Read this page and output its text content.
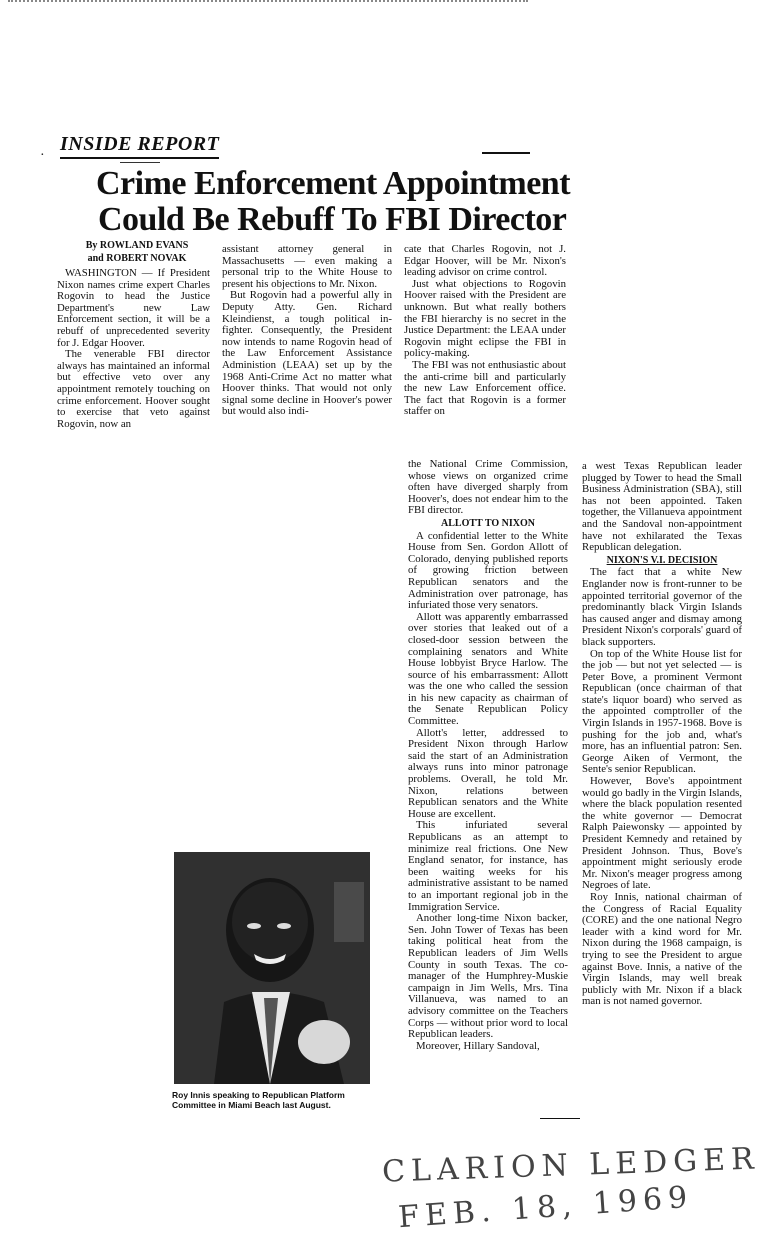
·
INSIDE REPORT
Crime Enforcement Appointment
Could Be Rebuff To FBI Director
By ROWLAND EVANS
and ROBERT NOVAK

WASHINGTON — If President Nixon names crime expert Charles Rogovin to head the Justice Department's new Law Enforcement section, it will be a rebuff of unprecedented severity for J. Edgar Hoover.

The venerable FBI director always has maintained an informal but effective veto over any appointment remotely touching on crime enforcement. Hoover sought to exercise that veto against Rogovin, now an

assistant attorney general in Massachusetts — even making a personal trip to the White House to present his objections to Mr. Nixon.

But Rogovin had a powerful ally in Deputy Atty. Gen. Richard Kleindienst, a tough political in-fighter. Consequently, the President now intends to name Rogovin head of the Law Enforcement Assistance Administion (LEAA) set up by the 1968 Anti-Crime Act no matter what Hoover thinks. That would not only signal some decline in Hoover's power but would also indi-

cate that Charles Rogovin, not J. Edgar Hoover, will be Mr. Nixon's leading advisor on crime control.

Just what objections to Rogovin Hoover raised with the President are unknown. But what really bothers the FBI hierarchy is no secret in the Justice Department: the LEAA under Rogovin might eclipse the FBI in policy-making.

The FBI was not enthusiastic about the anti-crime bill and particularly the new Law Enforcement office. The fact that Rogovin is a former staffer on

the National Crime Commission, whose views on organized crime often have diverged sharply from Hoover's, does not endear him to the FBI director.

ALLOTT TO NIXON

A confidential letter to the White House from Sen. Gordon Allott of Colorado, denying published reports of growing friction between Republican senators and the Administration over patronage, has infuriated those very senators.

Allott was apparently embarrassed over stories that leaked out of a closed-door session between the complaining senators and White House lobbyist Bryce Harlow. The source of his embarrassment: Allott was the one who called the session in his new capacity as chairman of the Senate Republican Policy Committee.

Allott's letter, addressed to President Nixon through Harlow said the start of an Administration always runs into minor patronage problems. Overall, he told Mr. Nixon, relations between Republican senators and the White House are excellent.

This infuriated several Republicans as an attempt to minimize real frictions. One New England senator, for instance, has been waiting weeks for his administrative assistant to be named to an important regional job in the Immigration Service.

Another long-time Nixon backer, Sen. John Tower of Texas has been taking political heat from the Republican leaders of Jim Wells County in south Texas. The co-manager of the Humphrey-Muskie campaign in Jim Wells, Mrs. Tina Villanueva, was named to an advisory committee on the Teachers Corps — without prior word to local Republican leaders.

Moreover, Hillary Sandoval,

a west Texas Republican leader plugged by Tower to head the Small Business Administration (SBA), still has not been appointed. Taken together, the Villanueva appointment and the Sandoval non-appointment have not exhilarated the Texas Republican delegation.

NIXON'S V.I. DECISION

The fact that a white New Englander now is front-runner to be appointed territorial governor of the predominantly black Virgin Islands has caused anger and dismay among President Nixon's corporals' guard of black supporters.

On top of the White House list for the job — but not yet selected — is Peter Bove, a prominent Vermont Republican (once chairman of that state's liquor board) who served as the appointed comptroller of the Virgin Islands in 1957-1968. Bove is pushing for the job and, what's more, has an influential patron: Sen. George Aiken of Vermont, the Sente's senior Republican.

However, Bove's appointment would go badly in the Virgin Islands, where the black population resented the white governor — Democrat Ralph Paiewonsky — appointed by President Kemnedy and retained by President Johnson. Thus, Bove's appointment might seriously erode Mr. Nixon's meager progress among Negroes of late.

Roy Innis, national chairman of the Congress of Racial Equality (CORE) and the one national Negro leader with a kind word for Mr. Nixon during the 1968 campaign, is trying to see the President to argue against Bove. Innis, a native of the Virgin Islands, may well break publicly with Mr. Nixon if a black man is not named governor.

Roy Innis speaking to Republican Platform Committee in Miami Beach last August.
CLARION LEDGER
FEB. 18, 1969
